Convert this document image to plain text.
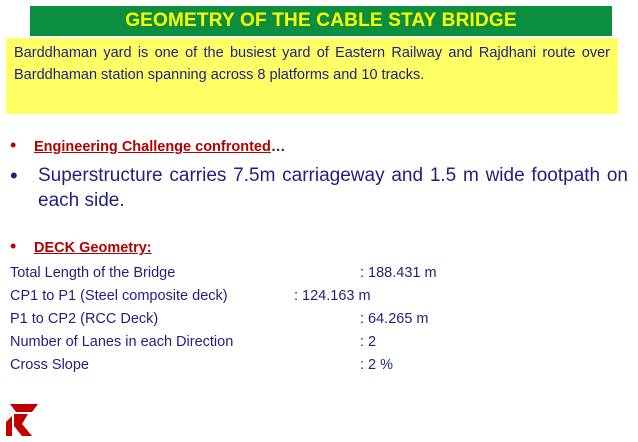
GEOMETRY OF THE CABLE STAY BRIDGE
Barddhaman yard is one of the busiest yard of Eastern Railway and Rajdhani route over Barddhaman station spanning across 8 platforms and 10 tracks.
•	Engineering Challenge confronted …
•	Superstructure carries 7.5m carriageway and 1.5 m wide footpath on each side.
•	DECK Geometry:
Total Length of the Bridge	: 188.431 m
CP1 to P1 (Steel composite deck)	: 124.163 m
P1 to CP2 (RCC Deck)	: 64.265 m
Number of Lanes in each Direction	: 2
Cross Slope	: 2 %
